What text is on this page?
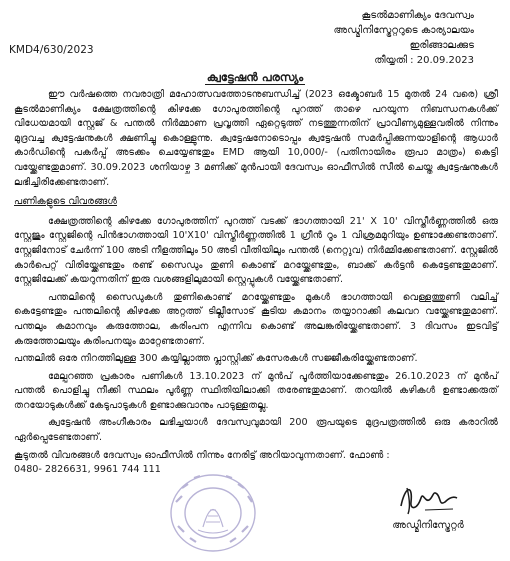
കൂടൽമാണിക്യം ദേവസ്വം
അഡ്മിനിസ്ട്രേറ്ററുടെ കാര്യാലയം
ഇരിങ്ങാലക്കുട
തീയ്യതി : 20.09.2023
KMD4/630/2023
ക്വട്ടേഷൻ പരസ്യം

ഈ വർഷത്തെ നവരാത്രി മഹോത്സവത്തോടനുബന്ധിച്ച് (2023 ഒക്ടോബർ 15 മുതൽ 24 വരെ) ശ്രീ കൂടൽമാണിക്യം ക്ഷേത്രത്തിന്റെ കിഴക്കേ ഗോപുരത്തിന്റെ പുറത്ത് താഴെ പറയുന്ന നിബന്ധനകൾക്ക് വിധേയമായി സ്റ്റേജ് & പന്തൽ നിർമ്മാണ പ്രവൃത്തി ഏറ്റെടുത്ത് നടത്തുന്നതിന് പ്രാവീണ്യമുള്ളവരിൽ നിന്നും മുദ്രവച്ച ക്വട്ടേഷനുകൾ ക്ഷണിച്ചു കൊള്ളുന്നു. ക്വട്ടേഷനോടൊപ്പം ക്വട്ടേഷൻ സമർപ്പിക്കുന്നയാളിന്റെ ആധാർ കാർഡിന്റെ പകർപ്പ് അടക്കം ചെയ്യേണ്ടതും EMD ആയി 10,000/- (പതിനായിരം രൂപാ മാത്രം) കെട്ടി വയ്ക്കേണ്ടതുമാണ്. 30.09.2023 ശനിയാഴ്ച 3 മണിക്ക് മുൻപായി ദേവസ്വം ഓഫീസിൽ സീൽ ചെയ്ത ക്വട്ടേഷനുകൾ ലഭിച്ചിരിക്കേണ്ടതാണ്.

പണികളുടെ വിവരങ്ങൾ

ക്ഷേത്രത്തിന്റെ കിഴക്കേ ഗോപുരത്തിന് പുറത്ത് വടക്ക് ഭാഗത്തായി 21' X 10' വിസ്തീർണ്ണത്തിൽ ഒരു സ്റ്റേജും സ്റ്റേജിന്റെ പിൻഭാഗത്തായി 10'X10' വിസ്തീർണ്ണത്തിൽ 1 ഗ്രീൻ റൂം 1 വിശ്രമമുറിയും ഉണ്ടാക്കേണ്ടതാണ്. സ്റ്റേജിനോട് ചേർന്ന് 100 അടി നീളത്തിലും 50 അടി വീതിയിലും പന്തൽ (നെറ്റുവ) നിർമ്മിക്കേണ്ടതാണ്. സ്റ്റേജിൽ കാർപെറ്റ് വിരിയ്ക്കേണ്ടതും രണ്ട് സൈഡും തുണി കൊണ്ട് മറയ്ക്കേണ്ടതും, ബാക്ക് കർട്ടൻ കെട്ടേണ്ടതുമാണ്. സ്റ്റേജിലേക്ക് കയറുന്നതിന് ഇരു വശങ്ങളിലുമായി സ്റ്റെപ്പുകൾ വയ്ക്കേണ്ടതാണ്.

പന്തലിന്റെ സൈഡുകൾ തുണികൊണ്ട് മറയ്ക്കേണ്ടതും മുകൾ ഭാഗത്തായി വെള്ളത്തുണി വലിച്ച് കെട്ടേണ്ടതും പന്തലിന്റെ കിഴക്കേ അറ്റത്ത് ടില്ലീസോട് കൂടിയ കമാനം തയ്യാറാക്കി കലവറ വയ്ക്കേണ്ടതുമാണ്. പന്തലും കമാനവും കരുത്തോല, കരിംപന എന്നിവ കൊണ്ട് അലങ്കരിയ്ക്കേണ്ടതാണ്. 3 ദിവസം ഇടവിട്ട് കരുത്തോലയും കരിംപനയും മാറ്റേണ്ടതാണ്.

പന്തലിൽ ഒരേ നിറത്തിലുള്ള 300 കയ്യില്ലാത്ത പ്ലാസ്റ്റിക്ക് കസേരകൾ സജ്ജീകരിയ്ക്കേണ്ടതാണ്.

മേല്പറഞ്ഞ പ്രകാരം പണികൾ 13.10.2023 ന് മുൻപ് പൂർത്തിയാക്കേണ്ടതും 26.10.2023 ന് മുൻപ് പന്തൽ പൊളിച്ചു നീക്കി സ്ഥലം പൂർണ്ണ സ്ഥിതിയിലാക്കി തരേണ്ടതുമാണ്. തറയിൽ കഴികൾ ഉണ്ടാക്കരുത് തറയോടുകൾക്ക് കേടുപാടുകൾ ഉണ്ടാക്കുവാനും പാടുള്ളതല്ല.

ക്വട്ടേഷൻ അംഗീകാരം ലഭിച്ചയാൾ ദേവസ്വവുമായി 200 രൂപയുടെ മുദ്രപത്രത്തിൽ ഒരു കരാറിൽ ഏർപ്പെടേണ്ടതാണ്.

കൂടുതൽ വിവരങ്ങൾ ദേവസ്വം ഓഫീസിൽ നിന്നും നേരിട്ട് അറിയാവുന്നതാണ്. ഫോൺ :
0480- 2826631, 9961 744 111

അഡ്മിനിസ്ട്രേറ്റർ
